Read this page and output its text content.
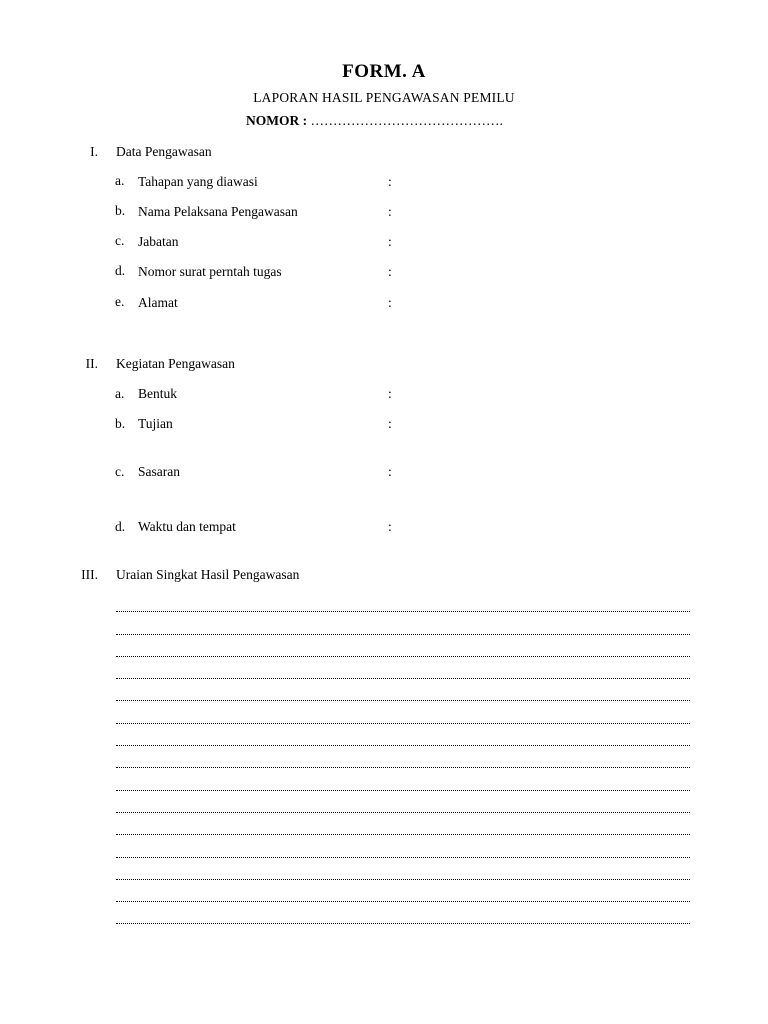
FORM. A
LAPORAN HASIL PENGAWASAN PEMILU
NOMOR : …………………………………….
I. Data Pengawasan
a. Tahapan yang diawasi	:
b. Nama Pelaksana Pengawasan	:
c. Jabatan	:
d. Nomor surat perntah tugas	:
e. Alamat	:
II. Kegiatan Pengawasan
a. Bentuk	:
b. Tujian	:
c. Sasaran	:
d. Waktu dan tempat	:
III. Uraian Singkat Hasil Pengawasan
